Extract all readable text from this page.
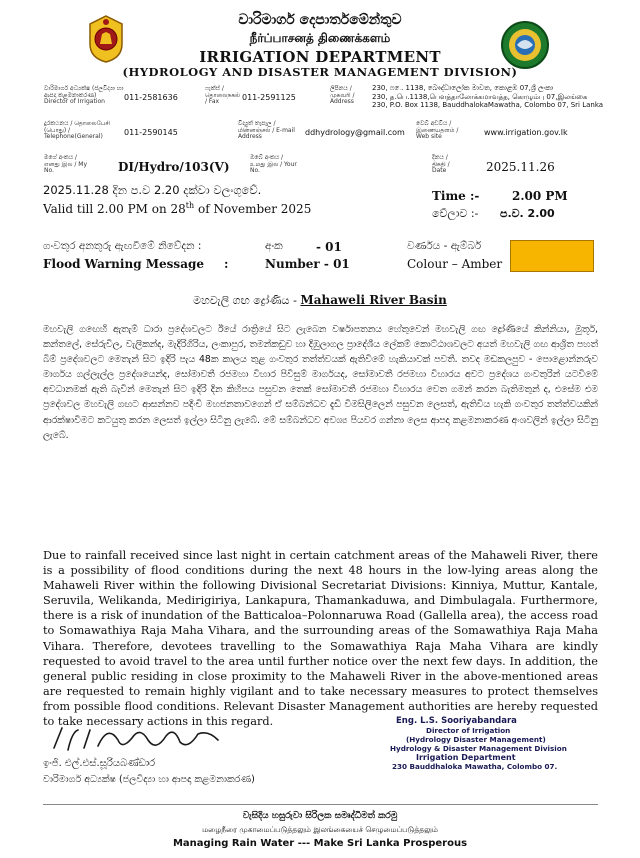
වාරිමාර්ග දෙපාර්තමේන්තුව
நீர்ப்பாசனத் திணைக்களம்
IRRIGATION DEPARTMENT
(HYDROLOGY AND DISASTER MANAGEMENT DIVISION)
වාරිමාර්ග අධ්‍යක්ෂ (ජලවිද්‍යා හා ආපදා කළමනාකරණ)
Director of Irrigation	011-2581636
ෆැක්ස් / தொலைநகல் / Fax	011-2591125
ලිපිනය / முகவரி / Address
230, ෆ.ෙ. 1138, බෞද්ධාලෝක මාවත, කොළඹ 07,ශ්‍රී ලංකා
230, த.பெ.1138,பௌத்தாலோக்கமாவத்த, கொழும்பு 07,இலங்கை
230, P.O. Box 1138, BauddhalokaMawatha, Colombo 07, Sri Lanka
දුරකථනය / தொலைபேசி (பொது) / Telephone(General)	011-2590145
විද්‍යුත් තැපෑල / மின்னஞ்சல் / E-mail Address	ddhydrology@gmail.com
වෙබ් අඩවිය / இணையதளம் / Web site	www.irrigation.gov.lk
මගේ අංකය / எனது இல / My No.	DI/Hydro/103(V)
ඔබේ අංකය / உமது இல / Your No.
දිනය / திகதி / Date	2025.11.26
2025.11.28 දින ප.ව 2.20 දක්වා වලංගුවේ.
Valid till 2.00 PM on 28th of November 2025
Time :-	2.00 PM
වේලාව :- ප.ව. 2.00
ගංවතුර අනතුරු ඇඟවීමේ නිවේදන :
Flood Warning Message :
අංක	- 01
Number - 01
වර්ණය - ඇම්බර්
Colour – Amber
මහවැලි ගඟ ද්‍රෝණිය - Mahaweli River Basin

මහවැලි ගඟෙහි ඇතැම් ධාරා ප්‍රදේශවලට ඊයේ රාත්‍රියේ සිට ලැබෙන වර්ෂාපතනය හේතුවෙන් මහවැලි ගඟ ද්‍රෝණියේ කින්නියා, මුතූර්, කන්තලේ, සේරුවිල, වැලිකන්ද, මැදිරිගිරිය, ලංකාපුර, තමන්කඩුව හා දිඹුලාගල ප්‍රාදේශීය ලේකම් කොට්ඨාශවලට අයත් මහවැලි ගඟ ආශ්‍රිත පහත් බිම් ප්‍රදේශවලට මෙතැන් සිට ඉදිරි පැය 48ක කාලය තුළ ගංවතුර තත්ත්වයක් ඇතිවීමේ හැකියාවක් පවතී. තවද මඩකලපුව - පොළොන්නරුව මාර්ගය ගල්ලැල්ල ප්‍රදේශයෙන්ද, සෝමාවතී රජමහා විහාර පිවිසුම් මාර්ගයද, සෝමාවතී රජමහා විහාරය අවට ප්‍රදේශය ගංවතුරින් යටවීමේ අවධානමක් ඇති බැවින් මෙතැන් සිට ඉදිරි දින කිහිපය පසුවන තෙක් සෝමාවතී රජමහා විහාරය වෙත ගමන් කරන බැතිමතුන් ද, එසේම එම ප්‍රදේශවල මහවැලි ගඟට ආසන්නව පදිංචි මහජනතාවගෙන් ඒ සම්බන්ධව දැඩි විමසිලිලෙන් පසුවන ලෙසත්, ඇතිවිය හැකි ගංවතුර තත්ත්වයකින් ආරක්ෂාවීමට කටයුතු කරන ලෙසත් ඉල්ලා සිටිනු ලැබේ. මේ සම්බන්ධව අවශ්‍ය පියවර ගන්නා ලෙස ආපදා කළමනාකරණ අංශවලින් ඉල්ලා සිටිනු ලැබේ.

Due to rainfall received since last night in certain catchment areas of the Mahaweli River, there is a possibility of flood conditions during the next 48 hours in the low-lying areas along the Mahaweli River within the following Divisional Secretariat Divisions: Kinniya, Muttur, Kantale, Seruvila, Welikanda, Medirigiriya, Lankapura, Thamankaduwa, and Dimbulagala. Furthermore, there is a risk of inundation of the Batticaloa–Polonnaruwa Road (Gallella area), the access road to Somawathiya Raja Maha Vihara, and the surrounding areas of the Somawathiya Raja Maha Vihara. Therefore, devotees travelling to the Somawathiya Raja Maha Vihara are kindly requested to avoid travel to the area until further notice over the next few days. In addition, the general public residing in close proximity to the Mahaweli River in the above-mentioned areas are requested to remain highly vigilant and to take necessary measures to protect themselves from possible flood conditions. Relevant Disaster Management authorities are hereby requested to take necessary actions in this regard.

ඉංජි. එල්.එස්.සූරියබණ්ඩාර
වාරිමාර්ග අධ්‍යක්ෂ (ජලවිද්‍යා හා ආපදා කළමනාකරණ)
Eng. L.S. Sooriyabandara
Director of Irrigation
(Hydrology Disaster Management)
Hydrology & Disaster Management Division
Irrigation Department
230 Bauddhaloka Mawatha, Colombo 07.
වැසිදිය හසුරුවා සිරිලක සමෘද්ධිමත් කරමු
மழைநீரை முகாமைப்படுத்தலும் இலங்கையைச் செழுமைப்படுத்தலும்
Managing Rain Water --- Make Sri Lanka Prosperous
